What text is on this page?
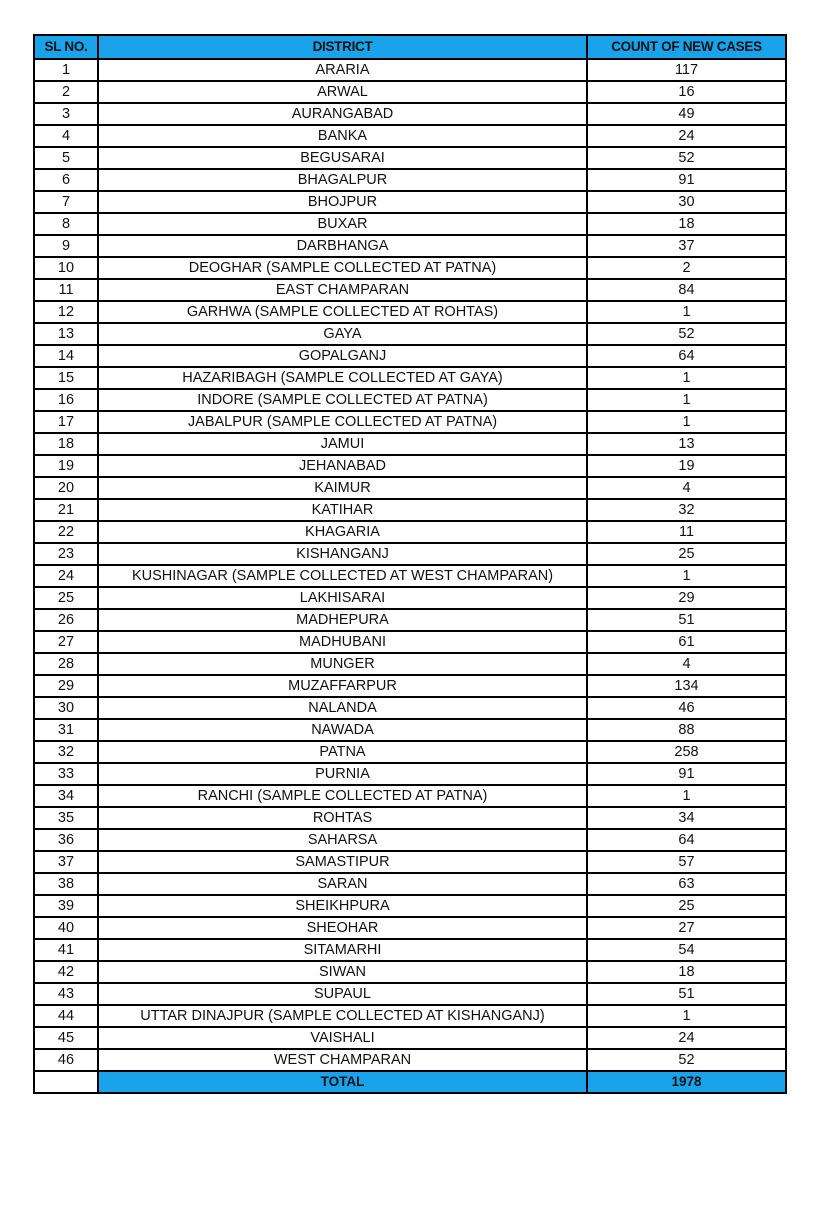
SL NO.	DISTRICT	COUNT OF NEW CASES
1	ARARIA	117
2	ARWAL	16
3	AURANGABAD	49
4	BANKA	24
5	BEGUSARAI	52
6	BHAGALPUR	91
7	BHOJPUR	30
8	BUXAR	18
9	DARBHANGA	37
10	DEOGHAR (SAMPLE COLLECTED AT PATNA)	2
11	EAST CHAMPARAN	84
12	GARHWA (SAMPLE COLLECTED AT ROHTAS)	1
13	GAYA	52
14	GOPALGANJ	64
15	HAZARIBAGH (SAMPLE COLLECTED AT GAYA)	1
16	INDORE (SAMPLE COLLECTED AT PATNA)	1
17	JABALPUR (SAMPLE COLLECTED AT PATNA)	1
18	JAMUI	13
19	JEHANABAD	19
20	KAIMUR	4
21	KATIHAR	32
22	KHAGARIA	11
23	KISHANGANJ	25
24	KUSHINAGAR (SAMPLE COLLECTED AT WEST CHAMPARAN)	1
25	LAKHISARAI	29
26	MADHEPURA	51
27	MADHUBANI	61
28	MUNGER	4
29	MUZAFFARPUR	134
30	NALANDA	46
31	NAWADA	88
32	PATNA	258
33	PURNIA	91
34	RANCHI (SAMPLE COLLECTED AT PATNA)	1
35	ROHTAS	34
36	SAHARSA	64
37	SAMASTIPUR	57
38	SARAN	63
39	SHEIKHPURA	25
40	SHEOHAR	27
41	SITAMARHI	54
42	SIWAN	18
43	SUPAUL	51
44	UTTAR DINAJPUR (SAMPLE COLLECTED AT KISHANGANJ)	1
45	VAISHALI	24
46	WEST CHAMPARAN	52
	TOTAL	1978
